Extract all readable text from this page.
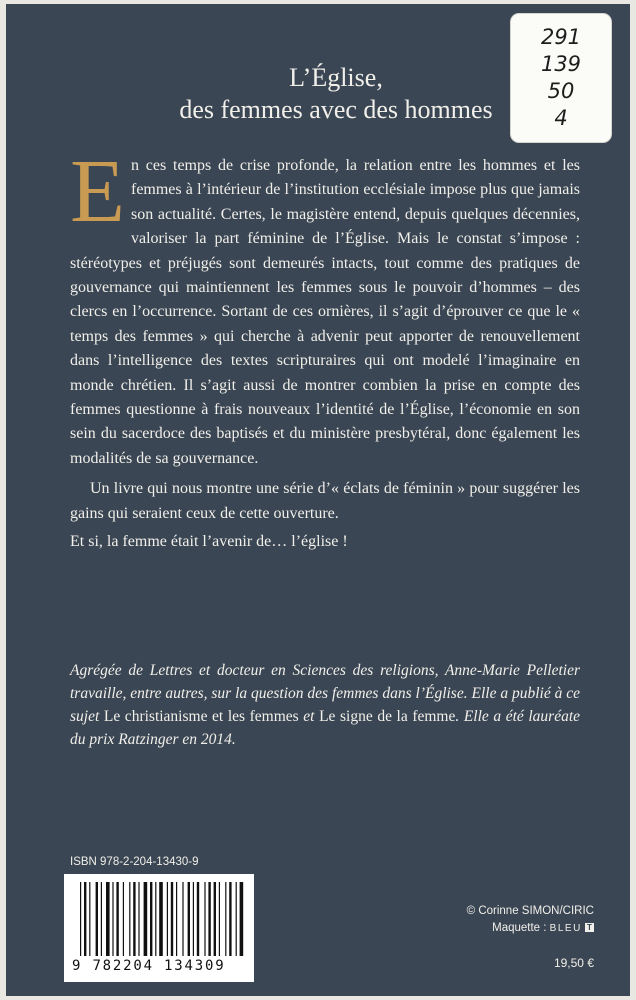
291
139
50
4
L’Église,
des femmes avec des hommes

En ces temps de crise profonde, la relation entre les hommes et les femmes à l’intérieur de l’institution ecclésiale impose plus que jamais son actualité. Certes, le magistère entend, depuis quelques décennies, valoriser la part féminine de l’Église. Mais le constat s’impose : stéréotypes et préjugés sont demeurés intacts, tout comme des pratiques de gouvernance qui maintiennent les femmes sous le pouvoir d’hommes – des clercs en l’occurrence. Sortant de ces ornières, il s’agit d’éprouver ce que le « temps des femmes » qui cherche à advenir peut apporter de renouvellement dans l’intelligence des textes scripturaires qui ont modelé l’imaginaire en monde chrétien. Il s’agit aussi de montrer combien la prise en compte des femmes questionne à frais nouveaux l’identité de l’Église, l’économie en son sein du sacerdoce des baptisés et du ministère presbytéral, donc également les modalités de sa gouvernance.

Un livre qui nous montre une série d’« éclats de féminin » pour suggérer les gains qui seraient ceux de cette ouverture.

Et si, la femme était l’avenir de… l’église !

Agrégée de Lettres et docteur en Sciences des religions, Anne-Marie Pelletier travaille, entre autres, sur la question des femmes dans l’Église. Elle a publié à ce sujet Le christianisme et les femmes et Le signe de la femme. Elle a été lauréate du prix Ratzinger en 2014.
ISBN 978-2-204-13430-9
9 782204 134309
© Corinne SIMON/CIRIC
Maquette : BLEU T
19,50 €
